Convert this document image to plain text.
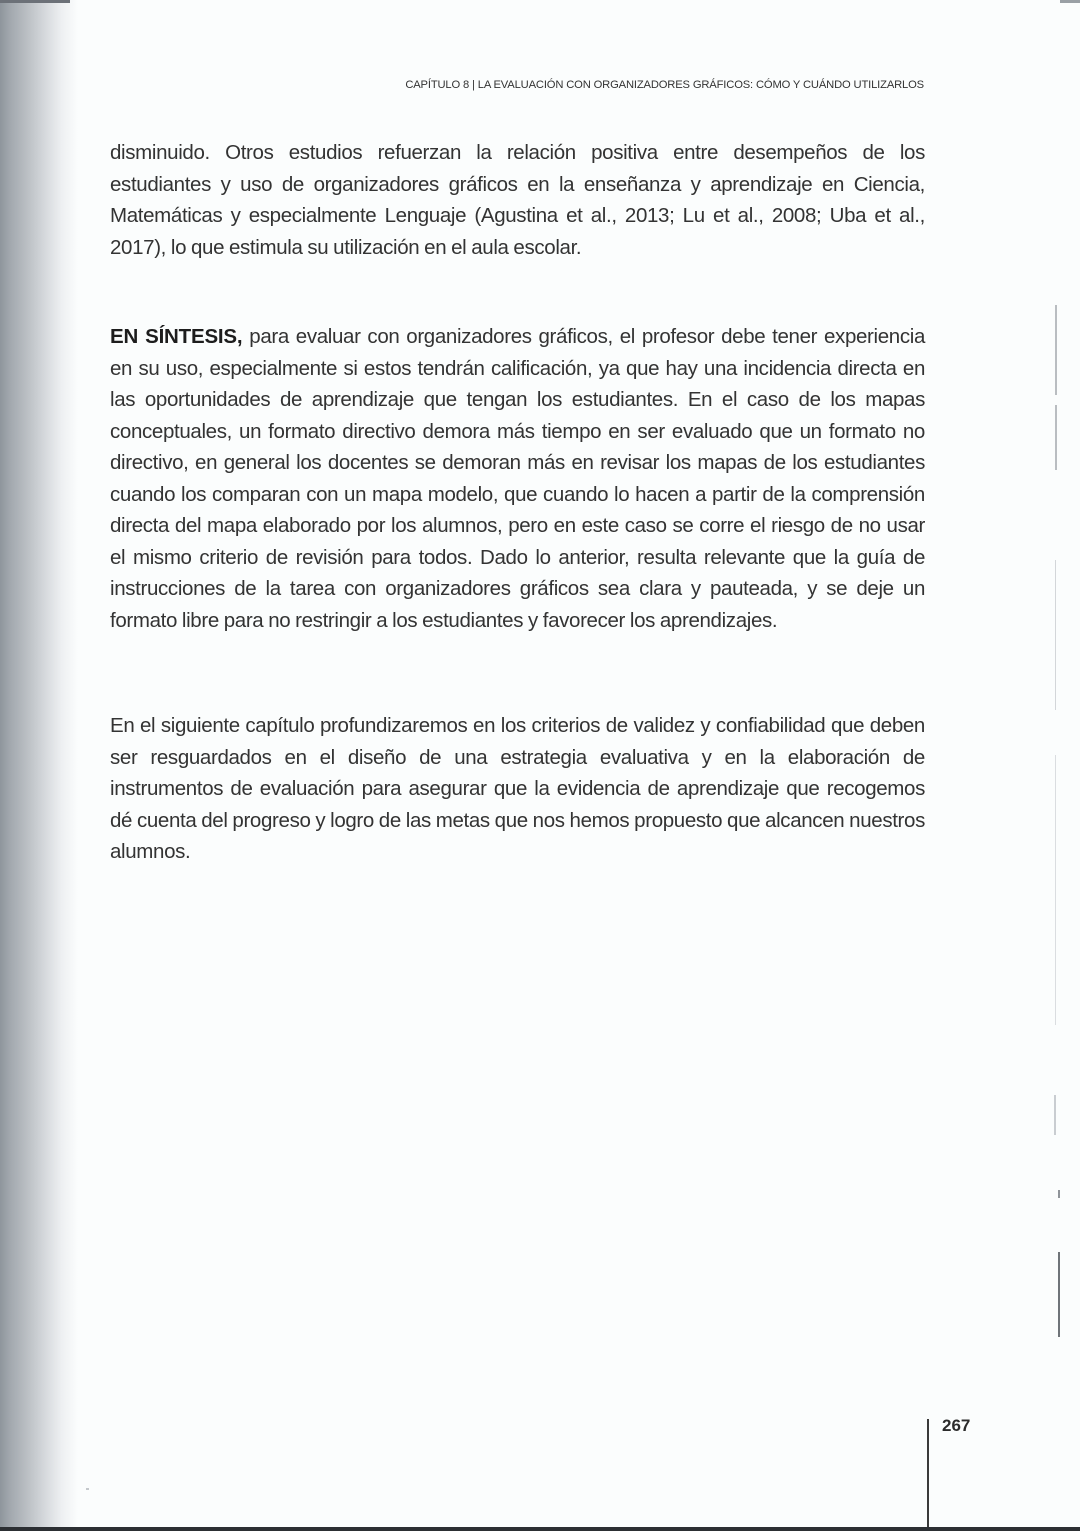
CAPÍTULO 8 | LA EVALUACIÓN CON ORGANIZADORES GRÁFICOS: CÓMO Y CUÁNDO UTILIZARLOS

disminuido. Otros estudios refuerzan la relación positiva entre desempeños de los estudiantes y uso de organizadores gráficos en la enseñanza y aprendizaje en Ciencia, Matemáticas y especialmente Lenguaje (Agustina et al., 2013; Lu et al., 2008; Uba et al., 2017), lo que estimula su utilización en el aula escolar.

EN SÍNTESIS, para evaluar con organizadores gráficos, el profesor debe tener experiencia en su uso, especialmente si estos tendrán calificación, ya que hay una incidencia directa en las oportunidades de aprendizaje que tengan los estudiantes. En el caso de los mapas conceptuales, un formato directivo demora más tiempo en ser evaluado que un formato no directivo, en general los docentes se demoran más en revisar los mapas de los estudiantes cuando los comparan con un mapa modelo, que cuando lo hacen a partir de la comprensión directa del mapa elaborado por los alumnos, pero en este caso se corre el riesgo de no usar el mismo criterio de revisión para todos. Dado lo anterior, resulta relevante que la guía de instrucciones de la tarea con organizadores gráficos sea clara y pauteada, y se deje un formato libre para no restringir a los estudiantes y favorecer los aprendizajes.

En el siguiente capítulo profundizaremos en los criterios de validez y confiabilidad que deben ser resguardados en el diseño de una estrategia evaluativa y en la elaboración de instrumentos de evaluación para asegurar que la evidencia de aprendizaje que recogemos dé cuenta del progreso y logro de las metas que nos hemos propuesto que alcancen nuestros alumnos.

267
